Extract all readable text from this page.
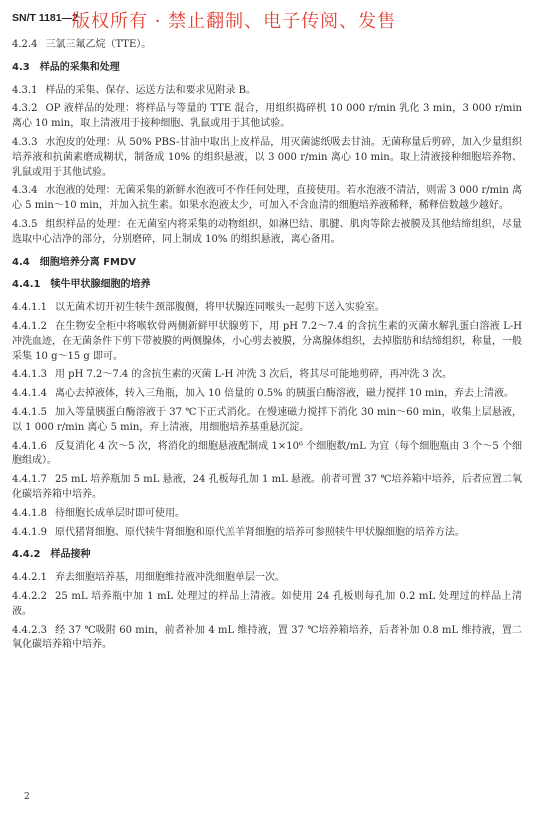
SN/T 1181—2
版权所有 · 禁止翻制、电子传阅、发售
4.2.4 三氯三氟乙烷（TTE）。
4.3 样品的采集和处理
4.3.1 样品的采集、保存、运送方法和要求见附录 B。
4.3.2 OP 液样品的处理：将样品与等量的 TTE 混合，用组织捣碎机 10 000 r/min 乳化 3 min，3 000 r/min 离心 10 min，取上清液用于接种细胞、乳鼠或用于其他试验。
4.3.3 水泡皮的处理：从 50% PBS-甘油中取出上皮样品，用灭菌滤纸吸去甘油。无菌称量后剪碎，加入少量组织培养液和抗菌素磨成糊状，制备成 10% 的组织悬液，以 3 000 r/min 离心 10 min。取上清液接种细胞培养物、乳鼠或用于其他试验。
4.3.4 水泡液的处理：无菌采集的新鲜水泡液可不作任何处理，直接使用。若水泡液不清洁，则需 3 000 r/min 离心 5 min～10 min，并加入抗生素。如果水泡液太少，可加入不含血清的细胞培养液稀释，稀释倍数越少越好。
4.3.5 组织样品的处理：在无菌室内将采集的动物组织，如淋巴结、肌腱、肌肉等除去被膜及其他结缔组织，尽量选取中心洁净的部分，分别磨碎，同上制成 10% 的组织悬液，离心备用。
4.4 细胞培养分离 FMDV
4.4.1 犊牛甲状腺细胞的培养
4.4.1.1 以无菌术切开初生犊牛颈部腹侧，将甲状腺连同喉头一起剪下送入实验室。
4.4.1.2 在生物安全柜中将喉软骨两侧新鲜甲状腺剪下，用 pH 7.2～7.4 的含抗生素的灭菌水解乳蛋白溶液 L-H 冲洗血迹，在无菌条件下剪下带被膜的两侧腺体，小心剪去被膜，分离腺体组织，去掉脂肪和结缔组织，称量，一般采集 10 g～15 g 即可。
4.4.1.3 用 pH 7.2～7.4 的含抗生素的灭菌 L-H 冲洗 3 次后，将其尽可能地剪碎，再冲洗 3 次。
4.4.1.4 离心去掉液体，转入三角瓶，加入 10 倍量的 0.5% 的胰蛋白酶溶液，磁力搅拌 10 min，弃去上清液。
4.4.1.5 加入等量胰蛋白酶溶液于 37 ℃下正式消化。在慢速磁力搅拌下消化 30 min～60 min，收集上层悬液，以 1 000 r/min 离心 5 min，弃上清液，用细胞培养基重悬沉淀。
4.4.1.6 反复消化 4 次～5 次，将消化的细胞悬液配制成 1×10⁶ 个细胞数/mL 为宜（每个细胞瓶由 3 个～5 个细胞组成）。
4.4.1.7 25 mL 培养瓶加 5 mL 悬液，24 孔板每孔加 1 mL 悬液。前者可置 37 ℃培养箱中培养，后者应置二氧化碳培养箱中培养。
4.4.1.8 待细胞长成单层时即可使用。
4.4.1.9 原代猪肾细胞、原代犊牛肾细胞和原代羔羊肾细胞的培养可参照犊牛甲状腺细胞的培养方法。
4.4.2 样品接种
4.4.2.1 弃去细胞培养基，用细胞维持液冲洗细胞单层一次。
4.4.2.2 25 mL 培养瓶中加 1 mL 处理过的样品上清液。如使用 24 孔板则每孔加 0.2 mL 处理过的样品上清液。
4.4.2.3 经 37 ℃吸附 60 min，前者补加 4 mL 维持液，置 37 ℃培养箱培养，后者补加 0.8 mL 维持液，置二氧化碳培养箱中培养。
2
